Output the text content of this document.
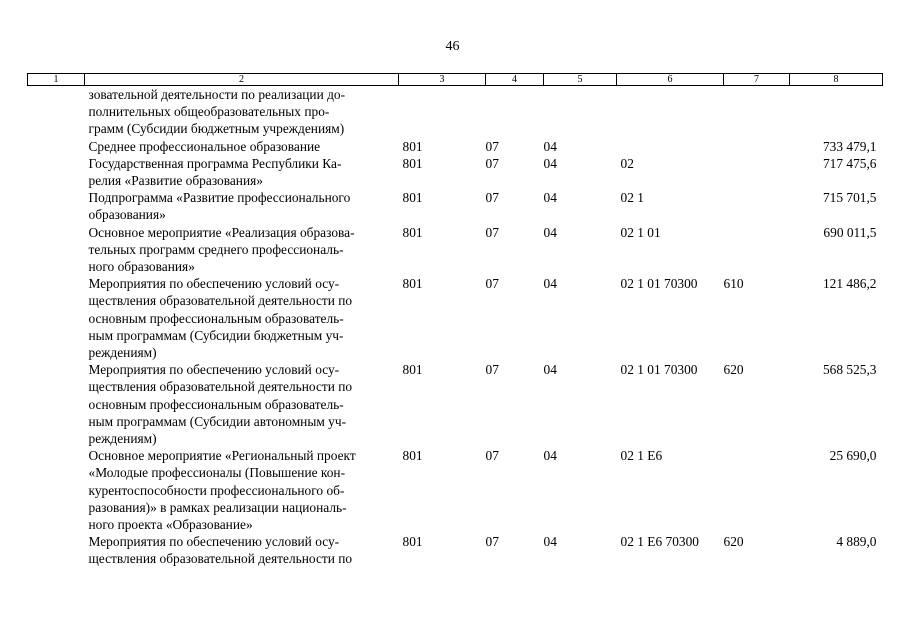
46
1	2	3	4	5	6	7	8

	зовательной деятельности по реализации до-
полнительных общеобразовательных про-
грамм (Субсидии бюджетным учреждениям)						

	Среднее профессиональное образование	801	07	04			733 479,1

	Государственная программа Республики Ка-
релия «Развитие образования»	801	07	04	02		717 475,6

	Подпрограмма «Развитие профессионального
образования»	801	07	04	02 1		715 701,5

	Основное мероприятие «Реализация образова-
тельных программ среднего профессиональ-
ного образования»	801	07	04	02 1 01		690 011,5

	Мероприятия по обеспечению условий осу-
ществления образовательной деятельности по
основным профессиональным образователь-
ным программам (Субсидии бюджетным уч-
реждениям)	801	07	04	02 1 01 70300	610	121 486,2

	Мероприятия по обеспечению условий осу-
ществления образовательной деятельности по
основным профессиональным образователь-
ным программам (Субсидии автономным уч-
реждениям)	801	07	04	02 1 01 70300	620	568 525,3

	Основное мероприятие «Региональный проект
«Молодые профессионалы (Повышение кон-
курентоспособности профессионального об-
разования)» в рамках реализации националь-
ного проекта «Образование»	801	07	04	02 1 E6		25 690,0

	Мероприятия по обеспечению условий осу-
ществления образовательной деятельности по	801	07	04	02 1 E6 70300	620	4 889,0
